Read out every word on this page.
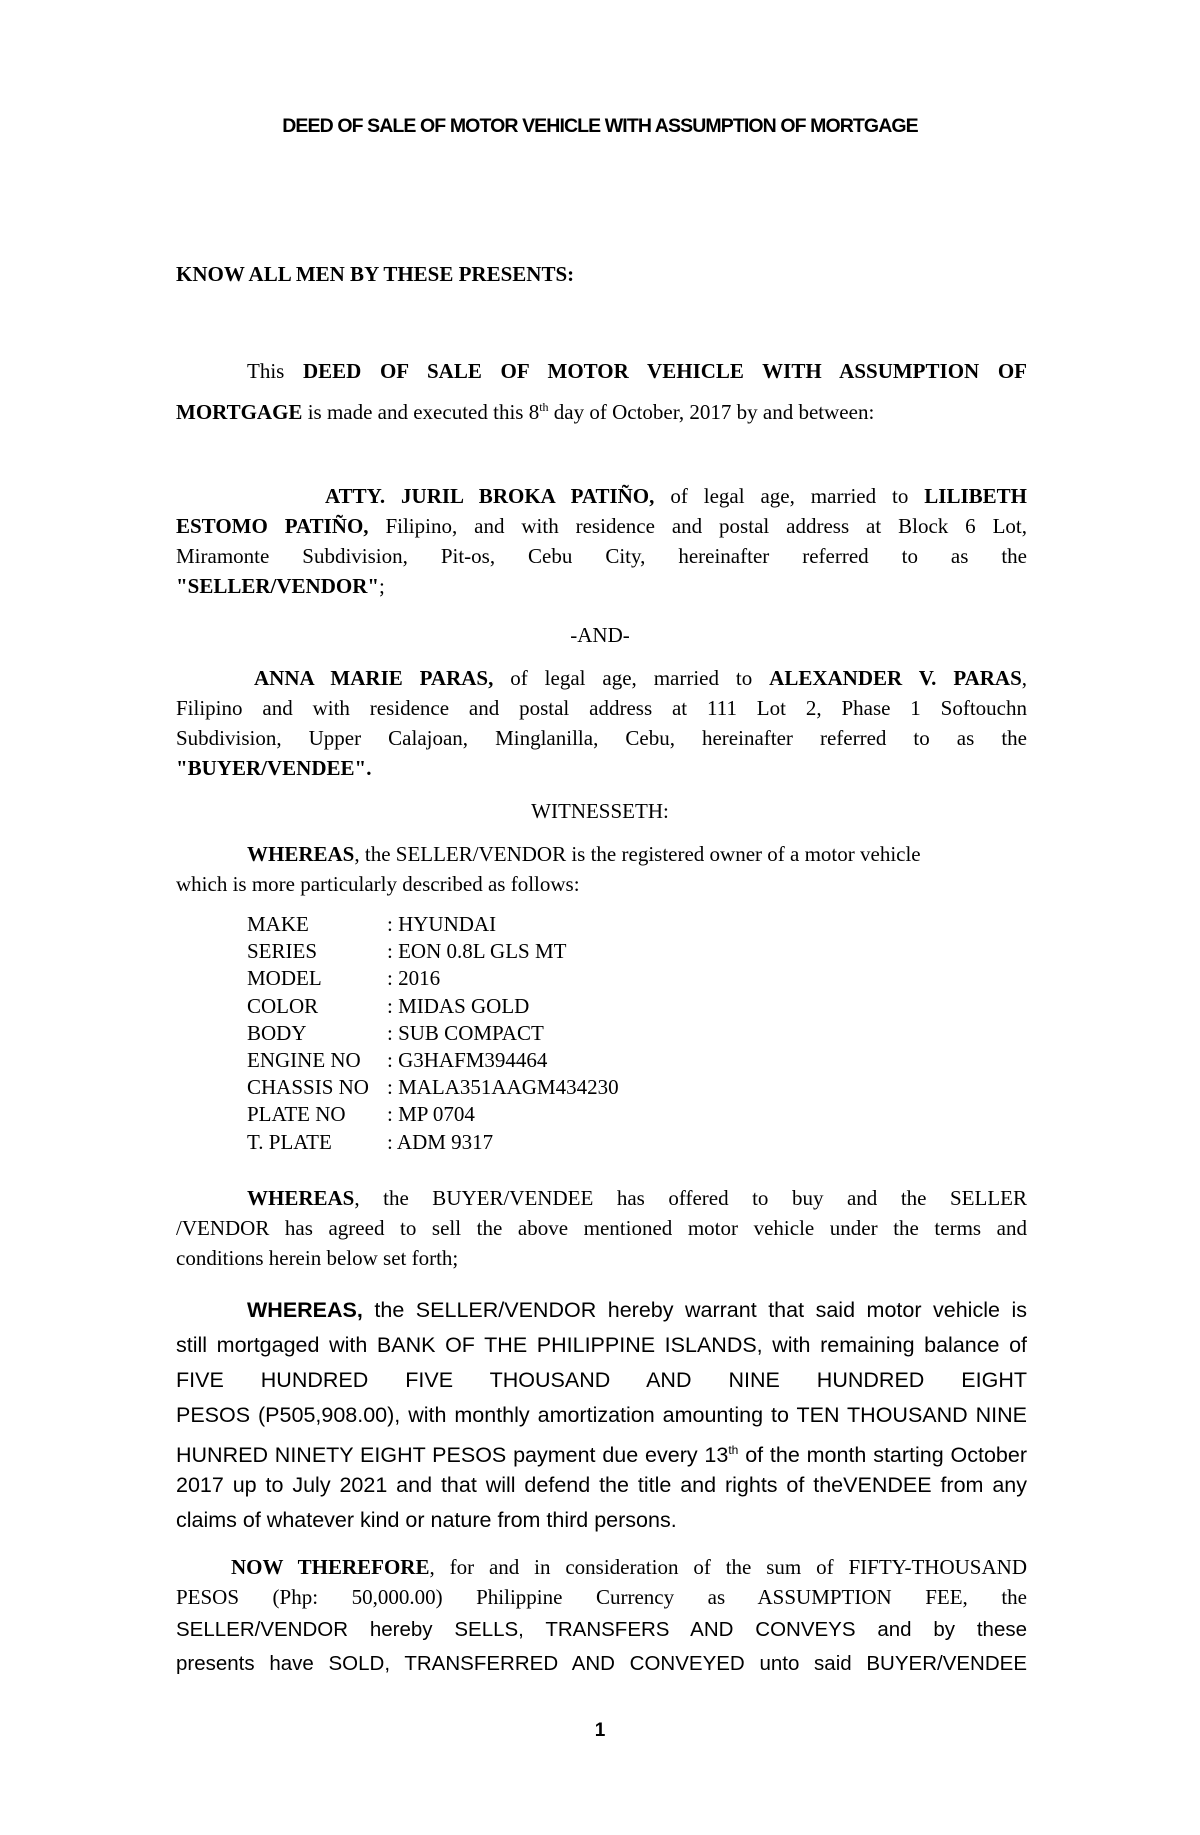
DEED OF SALE OF MOTOR VEHICLE WITH ASSUMPTION OF MORTGAGE
KNOW ALL MEN BY THESE PRESENTS:
This DEED OF SALE OF MOTOR VEHICLE WITH ASSUMPTION OF
MORTGAGE is made and executed this 8th day of October, 2017 by and between:
ATTY. JURIL BROKA PATIÑO, of legal age, married to LILIBETH
ESTOMO PATIÑO, Filipino, and with residence and postal address at Block 6 Lot,
Miramonte Subdivision, Pit-os, Cebu City, hereinafter referred to as the
"SELLER/VENDOR";
-AND-
ANNA MARIE PARAS, of legal age, married to ALEXANDER V. PARAS,
Filipino and with residence and postal address at 111 Lot 2, Phase 1 Softouchn
Subdivision, Upper Calajoan, Minglanilla, Cebu, hereinafter referred to as the
"BUYER/VENDEE".
WITNESSETH:
WHEREAS, the SELLER/VENDOR is the registered owner of a motor vehicle
which is more particularly described as follows:
MAKE	: HYUNDAI
SERIES	: EON 0.8L GLS MT
MODEL	: 2016
COLOR	: MIDAS GOLD
BODY	: SUB COMPACT
ENGINE NO	: G3HAFM394464
CHASSIS NO : MALA351AAGM434230
PLATE NO	: MP 0704
T. PLATE	: ADM 9317
WHEREAS, the BUYER/VENDEE has offered to buy and the SELLER
/VENDOR has agreed to sell the above mentioned motor vehicle under the terms and
conditions herein below set forth;
WHEREAS, the SELLER/VENDOR hereby warrant that said motor vehicle is
still mortgaged with BANK OF THE PHILIPPINE ISLANDS, with remaining balance of
FIVE HUNDRED FIVE THOUSAND AND NINE HUNDRED EIGHT
PESOS (P505,908.00), with monthly amortization amounting to TEN THOUSAND NINE
HUNRED NINETY EIGHT PESOS payment due every 13th of the month starting October
2017 up to July 2021 and that will defend the title and rights of theVENDEE from any
claims of whatever kind or nature from third persons.
NOW THEREFORE, for and in consideration of the sum of FIFTY-THOUSAND
PESOS (Php: 50,000.00) Philippine Currency as ASSUMPTION FEE, the
SELLER/VENDOR hereby SELLS, TRANSFERS AND CONVEYS and by these
presents have SOLD, TRANSFERRED AND CONVEYED unto said BUYER/VENDEE
1
